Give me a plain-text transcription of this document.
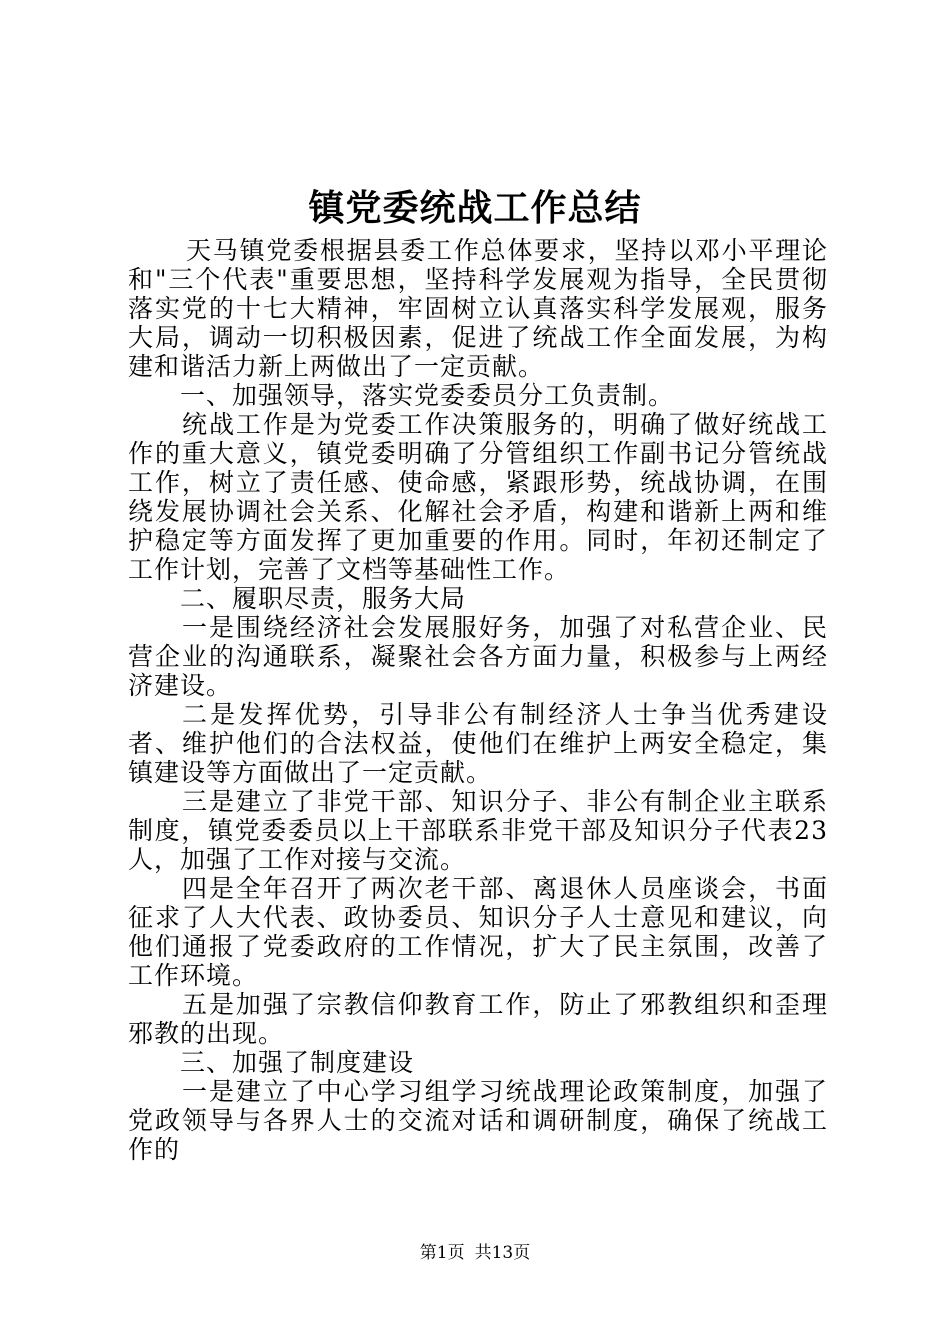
镇党委统战工作总结

天马镇党委根据县委工作总体要求，坚持以邓小平理论和"三个代表"重要思想，坚持科学发展观为指导，全民贯彻落实党的十七大精神，牢固树立认真落实科学发展观，服务大局，调动一切积极因素，促进了统战工作全面发展，为构建和谐活力新上两做出了一定贡献。

一、加强领导，落实党委委员分工负责制。

统战工作是为党委工作决策服务的，明确了做好统战工作的重大意义，镇党委明确了分管组织工作副书记分管统战工作，树立了责任感、使命感，紧跟形势，统战协调，在围绕发展协调社会关系、化解社会矛盾，构建和谐新上两和维护稳定等方面发挥了更加重要的作用。同时，年初还制定了工作计划，完善了文档等基础性工作。

二、履职尽责，服务大局

一是围绕经济社会发展服好务，加强了对私营企业、民营企业的沟通联系，凝聚社会各方面力量，积极参与上两经济建设。

二是发挥优势，引导非公有制经济人士争当优秀建设者、维护他们的合法权益，使他们在维护上两安全稳定，集镇建设等方面做出了一定贡献。

三是建立了非党干部、知识分子、非公有制企业主联系制度，镇党委委员以上干部联系非党干部及知识分子代表23人，加强了工作对接与交流。

四是全年召开了两次老干部、离退休人员座谈会，书面征求了人大代表、政协委员、知识分子人士意见和建议，向他们通报了党委政府的工作情况，扩大了民主氛围，改善了工作环境。

五是加强了宗教信仰教育工作，防止了邪教组织和歪理邪教的出现。

三、加强了制度建设

一是建立了中心学习组学习统战理论政策制度，加强了党政领导与各界人士的交流对话和调研制度，确保了统战工作的

第1页 共13页
